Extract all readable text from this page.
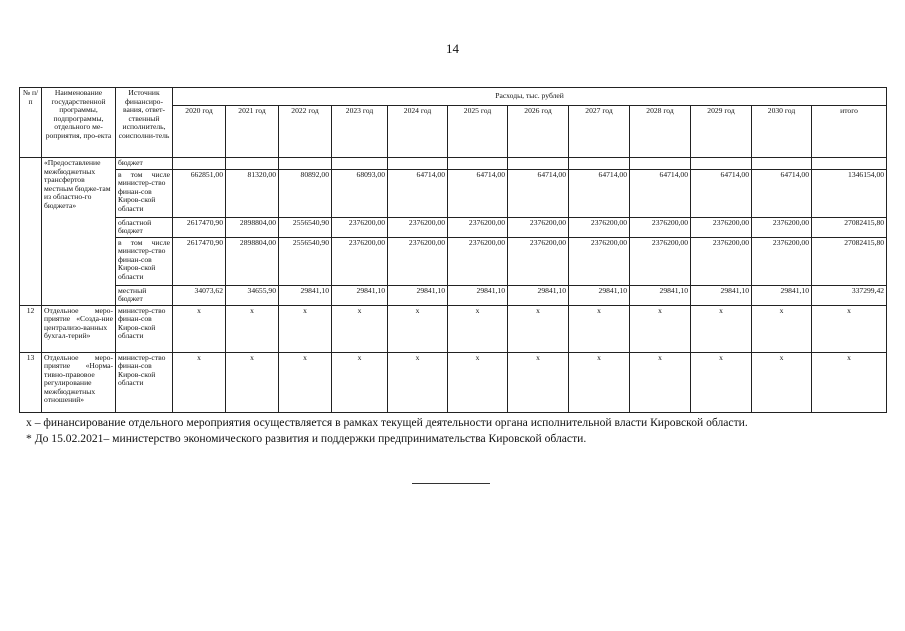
14
№ п/п	Наименование государственной программы, подпрограммы, отдельного ме-роприятия, про-екта	Источник финансиро-вания, ответ-ственный исполнитель, соисполни-тель	Расходы, тыс. рублей											
			2020 год	2021 год	2022 год	2023 год	2024 год	2025 год	2026 год	2027 год	2028 год	2029 год	2030 год	итого
	«Предоставление межбюджетных трансфертов местным бюдже-там из областно-го бюджета»	бюджет												
		в том числе министер-ство финан-сов Киров-ской области	662851,00	81320,00	80892,00	68093,00	64714,00	64714,00	64714,00	64714,00	64714,00	64714,00	64714,00	1346154,00
		областной бюджет	2617470,90	2898804,00	2556540,90	2376200,00	2376200,00	2376200,00	2376200,00	2376200,00	2376200,00	2376200,00	2376200,00	27082415,80
		в том числе министер-ство финан-сов Киров-ской области	2617470,90	2898804,00	2556540,90	2376200,00	2376200,00	2376200,00	2376200,00	2376200,00	2376200,00	2376200,00	2376200,00	27082415,80
		местный бюджет	34073,62	34655,90	29841,10	29841,10	29841,10	29841,10	29841,10	29841,10	29841,10	29841,10	29841,10	337299,42
12	Отдельное меро-приятие «Созда-ние централизо-ванных бухгал-терий»	министер-ство финан-сов Киров-ской области	x	x	x	x	x	x	x	x	x	x	x	x
13	Отдельное меро-приятие «Норма-тивно-правовое регулирование межбюджетных отношений»	министер-ство финан-сов Киров-ской области	x	x	x	x	x	x	x	x	x	x	x	x
x – финансирование отдельного мероприятия осуществляется в рамках текущей деятельности органа исполнительной власти Кировской области.
* До 15.02.2021– министерство экономического развития и поддержки предпринимательства Кировской области.
